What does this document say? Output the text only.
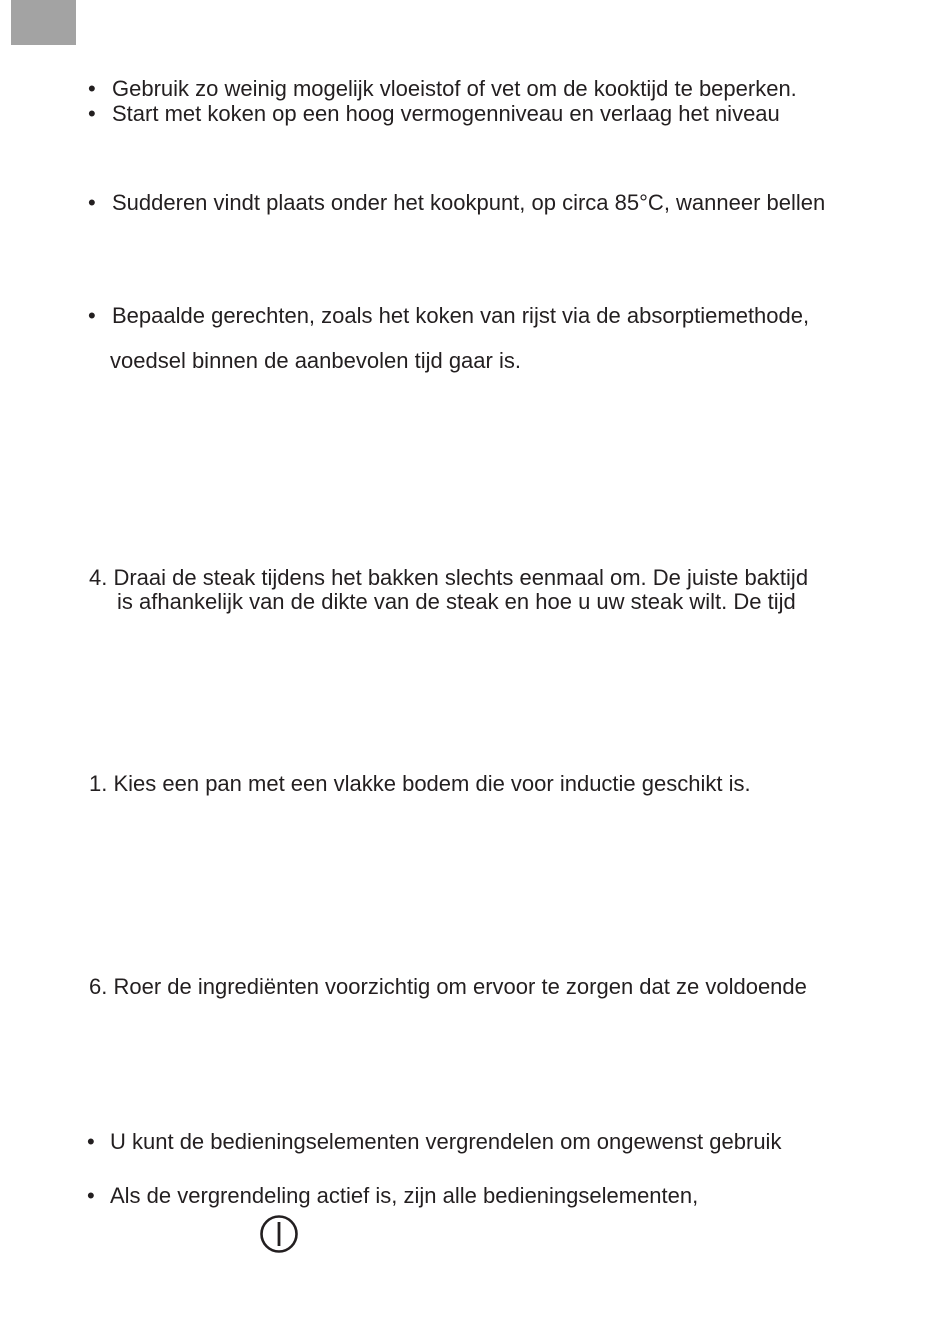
• Gebruik zo weinig mogelijk vloeistof of vet om de kooktijd te beperken.
• Start met koken op een hoog vermogenniveau en verlaag het niveau
• Sudderen vindt plaats onder het kookpunt, op circa 85°C, wanneer bellen
• Bepaalde gerechten, zoals het koken van rijst via de absorptiemethode,
voedsel binnen de aanbevolen tijd gaar is.
4. Draai de steak tijdens het bakken slechts eenmaal om. De juiste baktijd
is afhankelijk van de dikte van de steak en hoe u uw steak wilt. De tijd
1. Kies een pan met een vlakke bodem die voor inductie geschikt is.
6. Roer de ingrediënten voorzichtig om ervoor te zorgen dat ze voldoende
• U kunt de bedieningselementen vergrendelen om ongewenst gebruik
• Als de vergrendeling actief is, zijn alle bedieningselementen,
